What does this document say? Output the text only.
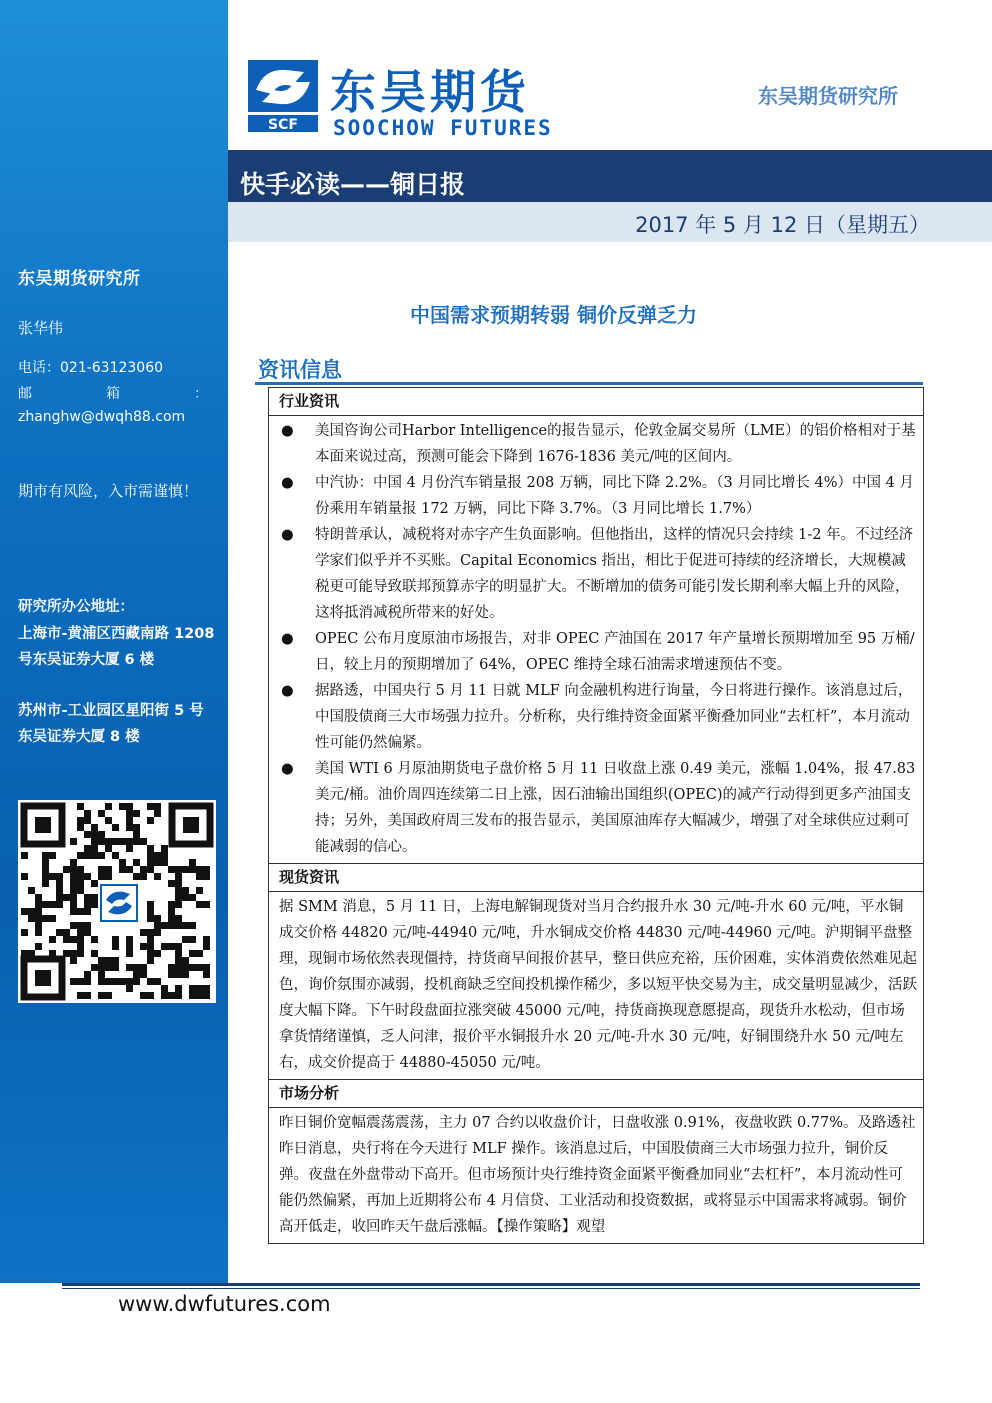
东吴期货研究所
张华伟
电话：021-63123060
邮	箱	：
zhanghw@dwqh88.com
期市有风险，入市需谨慎！
研究所办公地址：
上海市-黄浦区西藏南路 1208 号东吴证券大厦 6 楼
苏州市-工业园区星阳街 5 号东吴证券大厦 8 楼
SCF
东吴期货
SOOCHOW FUTURES
东吴期货研究所
快手必读——铜日报
2017 年 5 月 12 日（星期五）
中国需求预期转弱 铜价反弹乏力
资讯信息
行业资讯
●	美国咨询公司Harbor Intelligence的报告显示，伦敦金属交易所（LME）的铝价格相对于基本面来说过高，预测可能会下降到 1676-1836 美元/吨的区间内。
●	中汽协：中国 4 月份汽车销量报 208 万辆，同比下降 2.2%。（3 月同比增长 4%）中国 4 月份乘用车销量报 172 万辆，同比下降 3.7%。（3 月同比增长 1.7%）
●	特朗普承认，减税将对赤字产生负面影响。但他指出，这样的情况只会持续 1-2 年。不过经济学家们似乎并不买账。Capital Economics 指出，相比于促进可持续的经济增长，大规模减税更可能导致联邦预算赤字的明显扩大。不断增加的债务可能引发长期利率大幅上升的风险，这将抵消减税所带来的好处。
●	OPEC 公布月度原油市场报告，对非 OPEC 产油国在 2017 年产量增长预期增加至 95 万桶/日，较上月的预期增加了 64%，OPEC 维持全球石油需求增速预估不变。
●	据路透，中国央行 5 月 11 日就 MLF 向金融机构进行询量，今日将进行操作。该消息过后，中国股债商三大市场强力拉升。分析称，央行维持资金面紧平衡叠加同业“去杠杆”，本月流动性可能仍然偏紧。
●	美国 WTI 6 月原油期货电子盘价格 5 月 11 日收盘上涨 0.49 美元，涨幅 1.04%，报 47.83 美元/桶。油价周四连续第二日上涨，因石油输出国组织(OPEC)的减产行动得到更多产油国支持；另外，美国政府周三发布的报告显示，美国原油库存大幅减少，增强了对全球供应过剩可能减弱的信心。
现货资讯
据 SMM 消息，5 月 11 日，上海电解铜现货对当月合约报升水 30 元/吨-升水 60 元/吨，平水铜成交价格 44820 元/吨-44940 元/吨，升水铜成交价格 44830 元/吨-44960 元/吨。沪期铜平盘整理，现铜市场依然表现僵持，持货商早间报价甚早，整日供应充裕，压价困难，实体消费依然难见起色，询价氛围亦减弱，投机商缺乏空间投机操作稀少，多以短平快交易为主，成交量明显减少，活跃度大幅下降。下午时段盘面拉涨突破 45000 元/吨，持货商换现意愿提高，现货升水松动，但市场拿货情绪谨慎，乏人问津，报价平水铜报升水 20 元/吨-升水 30 元/吨，好铜围绕升水 50 元/吨左右，成交价提高于 44880-45050 元/吨。
市场分析
昨日铜价宽幅震荡震荡，主力 07 合约以收盘价计，日盘收涨 0.91%，夜盘收跌 0.77%。及路透社昨日消息，央行将在今天进行 MLF 操作。该消息过后，中国股债商三大市场强力拉升，铜价反弹。夜盘在外盘带动下高开。但市场预计央行维持资金面紧平衡叠加同业“去杠杆”，本月流动性可能仍然偏紧，再加上近期将公布 4 月信贷、工业活动和投资数据，或将显示中国需求将减弱。铜价高开低走，收回昨天午盘后涨幅。【操作策略】观望
www.dwfutures.com
